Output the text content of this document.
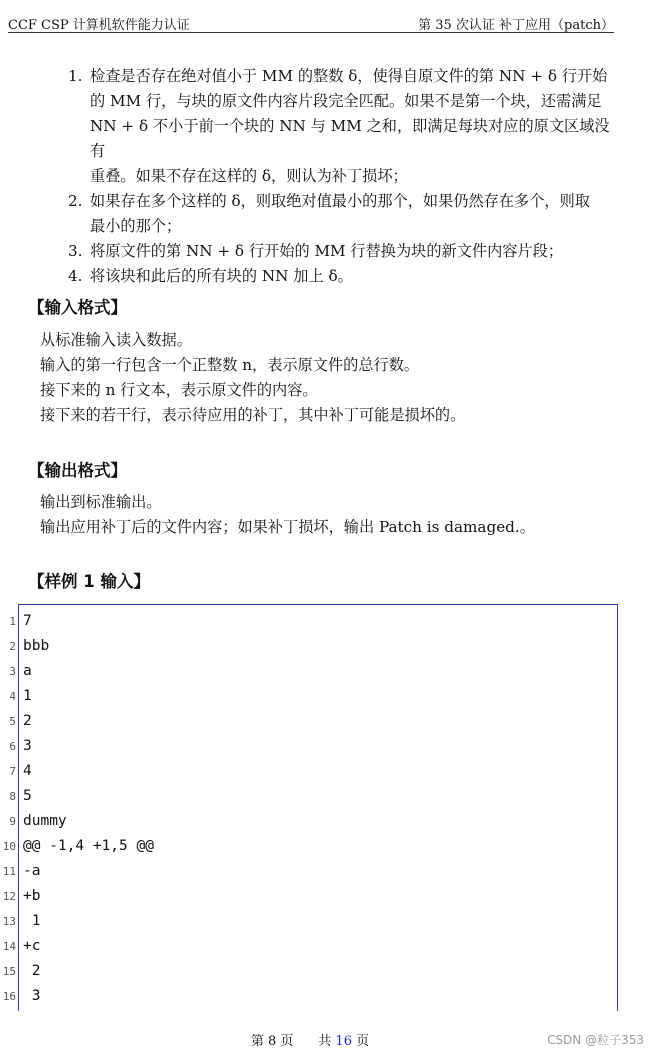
CCF CSP 计算机软件能力认证	第 35 次认证 补丁应用（patch）
1. 检查是否存在绝对值小于 MM 的整数 δ，使得自原文件的第 NN + δ 行开始
的 MM 行，与块的原文件内容片段完全匹配。如果不是第一个块，还需满足
NN + δ 不小于前一个块的 NN 与 MM 之和，即满足每块对应的原文区域没有
重叠。如果不存在这样的 δ，则认为补丁损坏；
2. 如果存在多个这样的 δ，则取绝对值最小的那个，如果仍然存在多个，则取
最小的那个；
3. 将原文件的第 NN + δ 行开始的 MM 行替换为块的新文件内容片段；
4. 将该块和此后的所有块的 NN 加上 δ。
【输入格式】
从标准输入读入数据。
输入的第一行包含一个正整数 n，表示原文件的总行数。
接下来的 n 行文本，表示原文件的内容。
接下来的若干行，表示待应用的补丁，其中补丁可能是损坏的。
【输出格式】
输出到标准输出。
输出应用补丁后的文件内容；如果补丁损坏，输出 Patch is damaged.。
【样例 1 输入】
1
2
3
4
5
6
7
8
9
10
11
12
13
14
15
16
7
bbb
a
1
2
3
4
5
dummy
@@ -1,4 +1,5 @@
-a
+b
1
+c
2
3
第 8 页 共 16 页	CSDN @粒子353
